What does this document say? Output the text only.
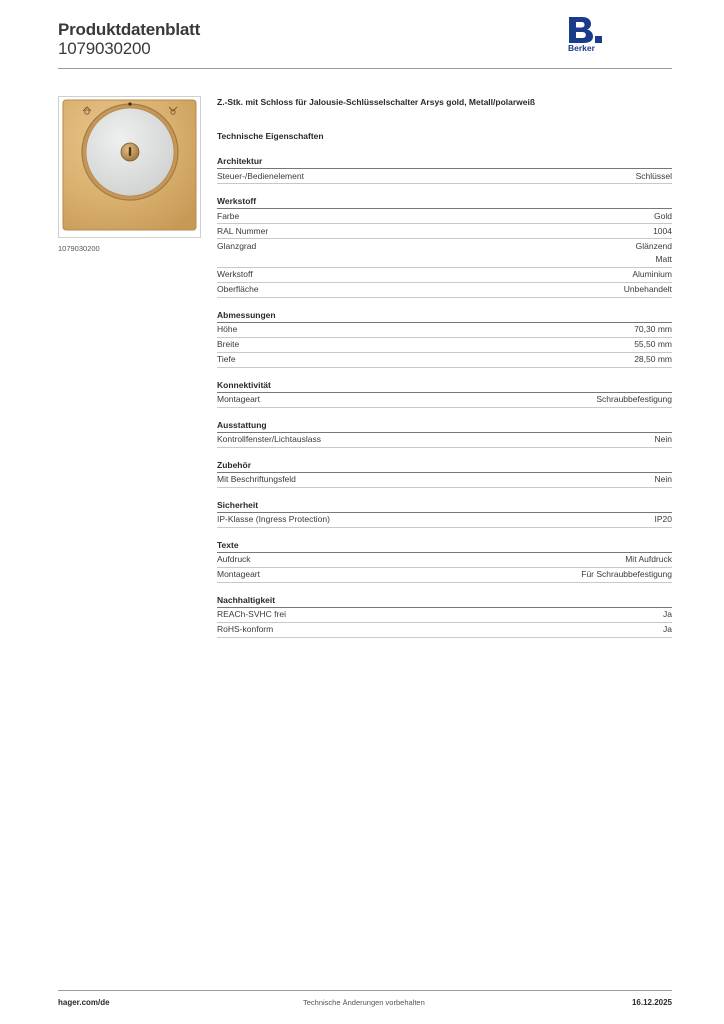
Produktdatenblatt
1079030200	Berker
1079030200
Z.-Stk. mit Schloss für Jalousie-Schlüsselschalter Arsys gold, Metall/polarweiß
Technische Eigenschaften
Architektur
Steuer-/Bedienelement	Schlüssel
Werkstoff
Farbe	Gold
RAL Nummer	1004
Glanzgrad	Glänzend
Matt
Werkstoff	Aluminium
Oberfläche	Unbehandelt
Abmessungen
Höhe	70,30 mm
Breite	55,50 mm
Tiefe	28,50 mm
Konnektivität
Montageart	Schraubbefestigung
Ausstattung
Kontrollfenster/Lichtauslass	Nein
Zubehör
Mit Beschriftungsfeld	Nein
Sicherheit
IP-Klasse (Ingress Protection)	IP20
Texte
Aufdruck	Mit Aufdruck
Montageart	Für Schraubbefestigung
Nachhaltigkeit
REACh-SVHC frei	Ja
RoHS-konform	Ja
hager.com/de	Technische Änderungen vorbehalten	16.12.2025
